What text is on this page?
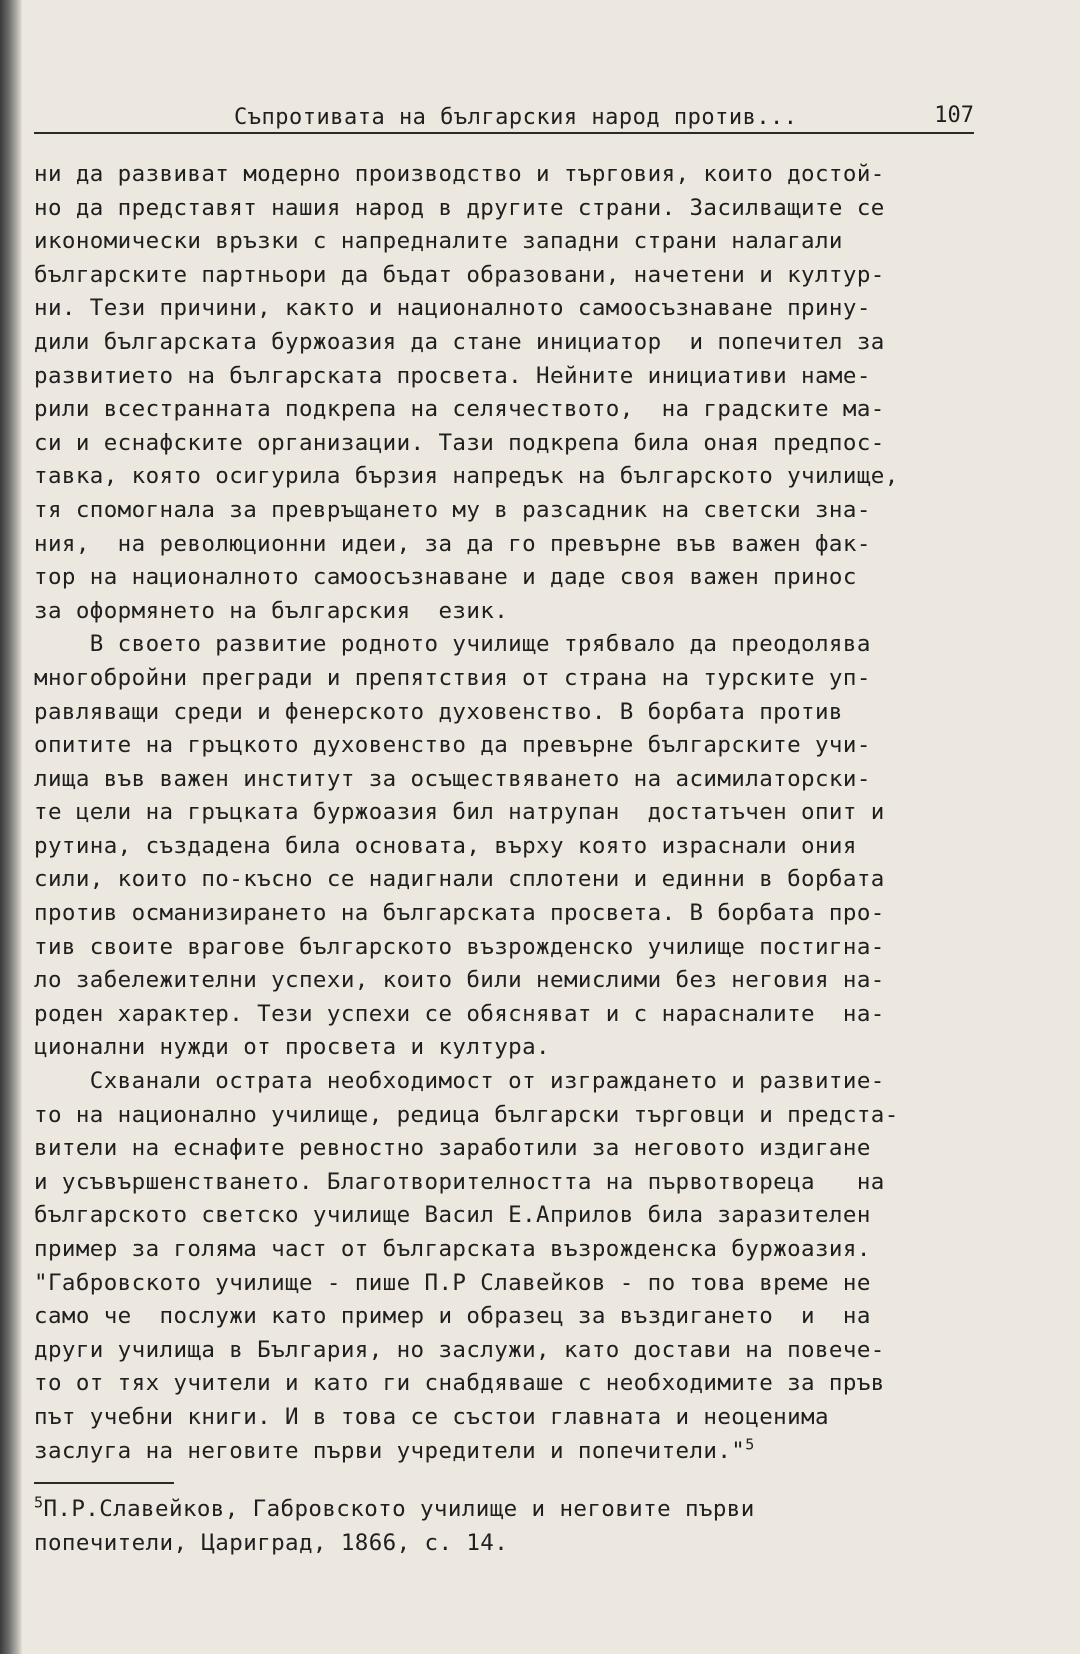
Съпротивата на българския народ против...	107
ни да развиват модерно производство и търговия, които достой-
но да представят нашия народ в другите страни. Засилващите се
икономически връзки с напредналите западни страни налагали
българските партньори да бъдат образовани, начетени и култур-
ни. Тези причини, както и националното самоосъзнаване прину-
дили българската буржоазия да стане инициатор  и попечител за
развитието на българската просвета. Нейните инициативи наме-
рили всестранната подкрепа на селячеството,  на градските ма-
си и еснафските организации. Тази подкрепа била оная предпос-
тавка, която осигурила бързия напредък на българското училище,
тя спомогнала за превръщането му в разсадник на светски зна-
ния,  на революционни идеи, за да го превърне във важен фак-
тор на националното самоосъзнаване и даде своя важен принос
за оформянето на българския  език.
В своето развитие родното училище трябвало да преодолява
многобройни прегради и препятствия от страна на турските уп-
равляващи среди и фенерското духовенство. В борбата против
опитите на гръцкото духовенство да превърне българските учи-
лища във важен институт за осъществяването на асимилаторски-
те цели на гръцката буржоазия бил натрупан  достатъчен опит и
рутина, създадена била основата, върху която израснали ония
сили, които по-късно се надигнали сплотени и единни в борбата
против османизирането на българската просвета. В борбата про-
тив своите врагове българското възрожденско училище постигна-
ло забележителни успехи, които били немислими без неговия на-
роден характер. Тези успехи се обясняват и с нарасналите  на-
ционални нужди от просвета и култура.
Схванали острата необходимост от изграждането и развитие-
то на национално училище, редица български търговци и предста-
вители на еснафите ревностно заработили за неговото издигане
и усъвършенстването. Благотворителността на първотвореца   на
българското светско училище Васил Е.Априлов била заразителен
пример за голяма част от българската възрожденска буржоазия.
"Габровското училище - пише П.Р Славейков - по това време не
само че  послужи като пример и образец за въздигането  и  на
други училища в България, но заслужи, като достави на повече-
то от тях учители и като ги снабдяваше с необходимите за пръв
път учебни книги. И в това се състои главната и неоценима
заслуга на неговите първи учредители и попечители."$^5$
$^5$П.Р.Славейков, Габровското училище и неговите първи
попечители, Цариград, 1866, с. 14.
